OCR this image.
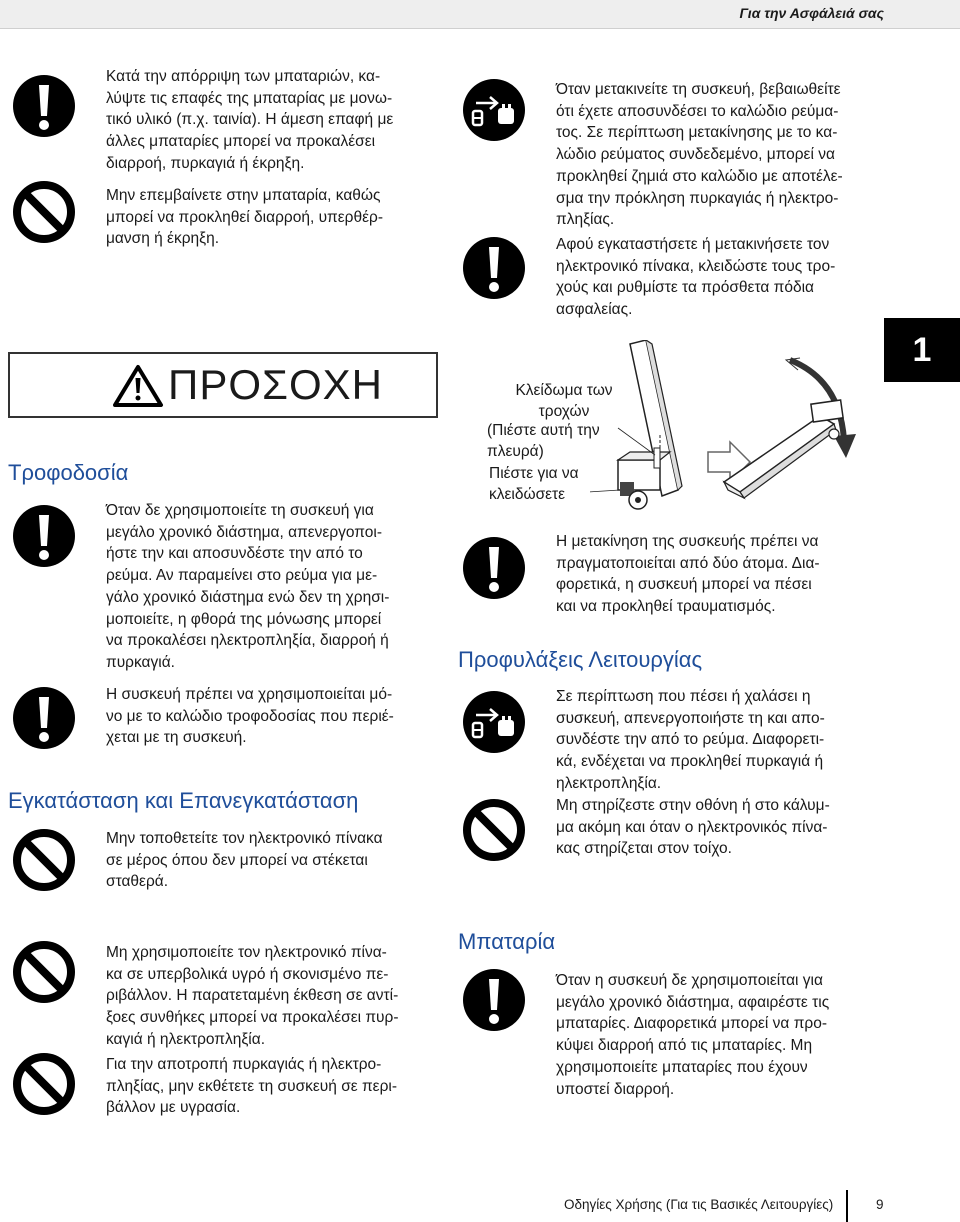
Για την Ασφάλειά σας
1
Κατά την απόρριψη των μπαταριών, κα-
λύψτε τις επαφές της μπαταρίας με μονω-
τικό υλικό (π.χ. ταινία). Η άμεση επαφή με
άλλες μπαταρίες μπορεί να προκαλέσει
διαρροή, πυρκαγιά ή έκρηξη.
Μην επεμβαίνετε στην μπαταρία, καθώς
μπορεί να προκληθεί διαρροή, υπερθέρ-
μανση ή έκρηξη.
ΠΡΟΣΟΧΗ
Τροφοδοσία
Όταν δε χρησιμοποιείτε τη συσκευή για
μεγάλο χρονικό διάστημα, απενεργοποι-
ήστε την και αποσυνδέστε την από το
ρεύμα. Αν παραμείνει στο ρεύμα για με-
γάλο χρονικό διάστημα ενώ δεν τη χρησι-
μοποιείτε, η φθορά της μόνωσης μπορεί
να προκαλέσει ηλεκτροπληξία, διαρροή ή
πυρκαγιά.
Η συσκευή πρέπει να χρησιμοποιείται μό-
νο με το καλώδιο τροφοδοσίας που περιέ-
χεται με τη συσκευή.
Εγκατάσταση και Επανεγκατάσταση
Μην τοποθετείτε τον ηλεκτρονικό πίνακα
σε μέρος όπου δεν μπορεί να στέκεται
σταθερά.
Μη χρησιμοποιείτε τον ηλεκτρονικό πίνα-
κα σε υπερβολικά υγρό ή σκονισμένο πε-
ριβάλλον. Η παρατεταμένη έκθεση σε αντί-
ξοες συνθήκες μπορεί να προκαλέσει πυρ-
καγιά ή ηλεκτροπληξία.
Για την αποτροπή πυρκαγιάς ή ηλεκτρο-
πληξίας, μην εκθέτετε τη συσκευή σε περι-
βάλλον με υγρασία.
Όταν μετακινείτε τη συσκευή, βεβαιωθείτε
ότι έχετε αποσυνδέσει το καλώδιο ρεύμα-
τος. Σε περίπτωση μετακίνησης με το κα-
λώδιο ρεύματος συνδεδεμένο, μπορεί να
προκληθεί ζημιά στο καλώδιο με αποτέλε-
σμα την πρόκληση πυρκαγιάς ή ηλεκτρο-
πληξίας.
Αφού εγκαταστήσετε ή μετακινήσετε τον
ηλεκτρονικό πίνακα, κλειδώστε τους τρο-
χούς και ρυθμίστε τα πρόσθετα πόδια
ασφαλείας.
Κλείδωμα των
τροχών
(Πιέστε αυτή την
πλευρά)
Πιέστε για να
κλειδώσετε
Η μετακίνηση της συσκευής πρέπει να
πραγματοποιείται από δύο άτομα. Δια-
φορετικά, η συσκευή μπορεί να πέσει
και να προκληθεί τραυματισμός.
Προφυλάξεις Λειτουργίας
Σε περίπτωση που πέσει ή χαλάσει η
συσκευή, απενεργοποιήστε τη και απο-
συνδέστε την από το ρεύμα. Διαφορετι-
κά, ενδέχεται να προκληθεί πυρκαγιά ή
ηλεκτροπληξία.
Μη στηρίζεστε στην οθόνη ή στο κάλυμ-
μα ακόμη και όταν ο ηλεκτρονικός πίνα-
κας στηρίζεται στον τοίχο.
Μπαταρία
Όταν η συσκευή δε χρησιμοποιείται για
μεγάλο χρονικό διάστημα, αφαιρέστε τις
μπαταρίες. Διαφορετικά μπορεί να προ-
κύψει διαρροή από τις μπαταρίες. Μη
χρησιμοποιείτε μπαταρίες που έχουν
υποστεί διαρροή.
Οδηγίες Χρήσης (Για τις Βασικές Λειτουργίες)	9
